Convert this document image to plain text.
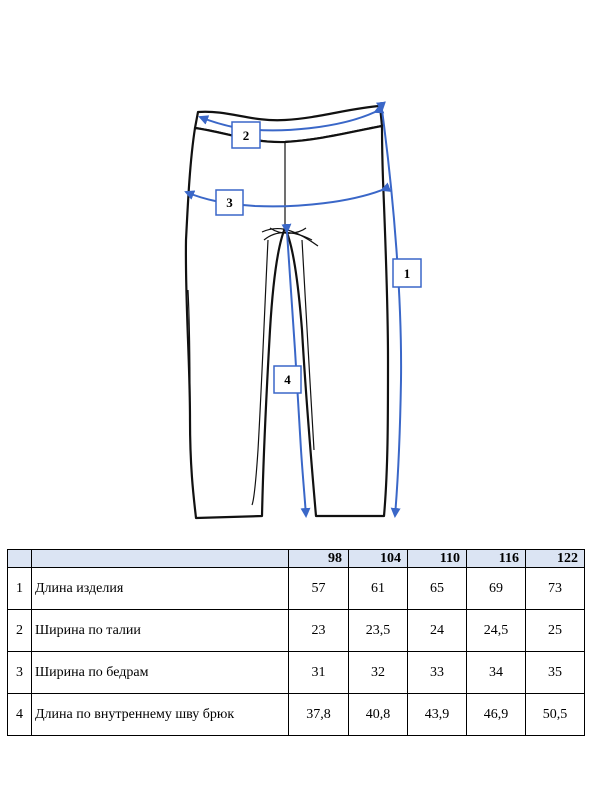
2
3
1
4
		98	104	110	116	122
1	Длина изделия	57	61	65	69	73
2	Ширина по талии	23	23,5	24	24,5	25
3	Ширина по бедрам	31	32	33	34	35
4	Длина по внутреннему шву брюк	37,8	40,8	43,9	46,9	50,5
